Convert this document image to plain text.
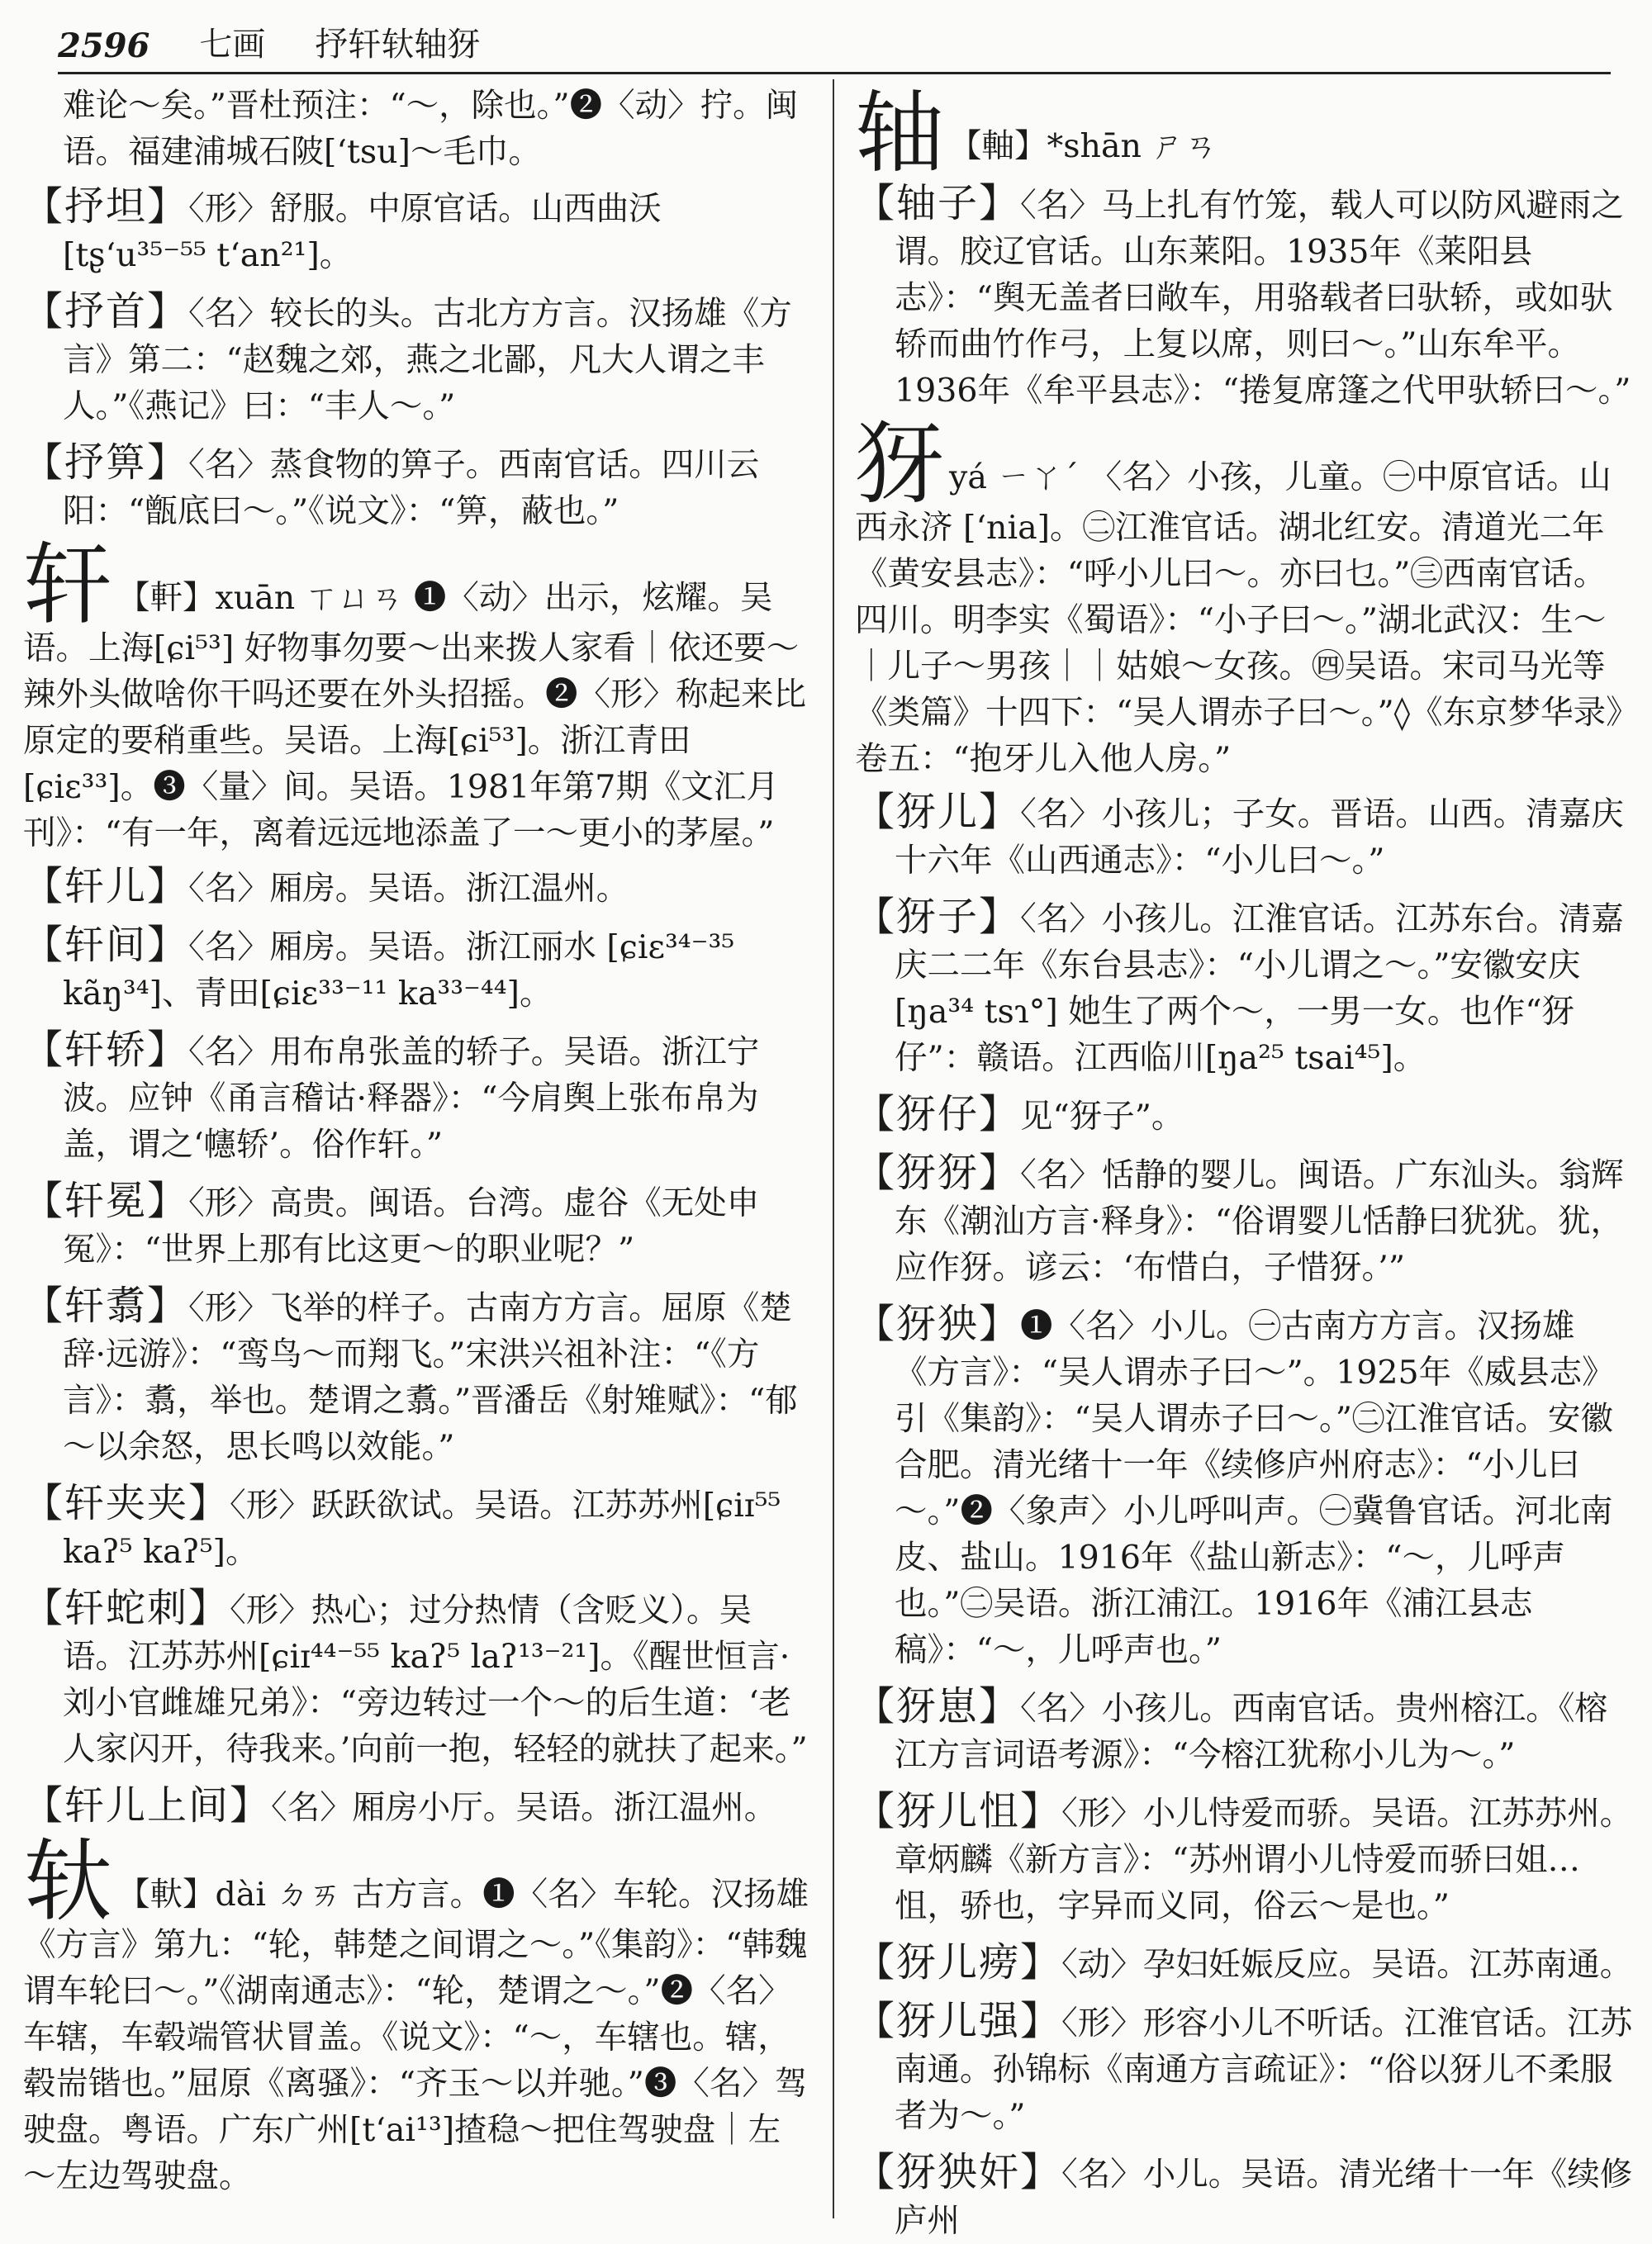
2596 七画 抒轩轪轴犽

难论～矣。”晋杜预注：“～，除也。”❷〈动〉拧。闽语。福建浦城石陂[ʻtsu]～毛巾。

【抒坦】〈形〉舒服。中原官话。山西曲沃 [tʂʻu³⁵⁻⁵⁵ tʻan²¹]。

【抒首】〈名〉较长的头。古北方方言。汉扬雄《方言》第二：“赵魏之郊，燕之北鄙，凡大人谓之丰人。”《燕记》曰：“丰人～。”

【抒箅】〈名〉蒸食物的箅子。西南官话。四川云阳：“甑底曰～。”《说文》：“箅，蔽也。”

轩 【軒】xuān ㄒㄩㄢ ❶〈动〉出示，炫耀。吴语。上海[ɕi⁵³] 好物事勿要～出来拨人家看｜依还要～辣外头做啥你干吗还要在外头招摇。❷〈形〉称起来比原定的要稍重些。吴语。上海[ɕi⁵³]。浙江青田[ɕiɛ³³]。❸〈量〉间。吴语。1981年第7期《文汇月刊》：“有一年，离着远远地添盖了一～更小的茅屋。”

【轩儿】〈名〉厢房。吴语。浙江温州。

【轩间】〈名〉厢房。吴语。浙江丽水 [ɕiɛ³⁴⁻³⁵ kãŋ³⁴]、青田[ɕiɛ³³⁻¹¹ ka³³⁻⁴⁴]。

【轩轿】〈名〉用布帛张盖的轿子。吴语。浙江宁波。应钟《甬言稽诂·释器》：“今肩舆上张布帛为盖，谓之‘幰轿’。俗作轩。”

【轩冕】〈形〉高贵。闽语。台湾。虚谷《无处申冤》：“世界上那有比这更～的职业呢？”

【轩翥】〈形〉飞举的样子。古南方方言。屈原《楚辞·远游》：“鸾鸟～而翔飞。”宋洪兴祖补注：“《方言》：翥，举也。楚谓之翥。”晋潘岳《射雉赋》：“郁～以余怒，思长鸣以效能。”

【轩夹夹】〈形〉跃跃欲试。吴语。江苏苏州[ɕiɪ⁵⁵ kaʔ⁵ kaʔ⁵]。

【轩蛇刺】〈形〉热心；过分热情（含贬义）。吴语。江苏苏州[ɕiɪ⁴⁴⁻⁵⁵ kaʔ⁵ laʔ¹³⁻²¹]。《醒世恒言·刘小官雌雄兄弟》：“旁边转过一个～的后生道：‘老人家闪开，待我来。’向前一抱，轻轻的就扶了起来。”

【轩儿上间】〈名〉厢房小厅。吴语。浙江温州。

轪 【軑】dài ㄉㄞ 古方言。❶〈名〉车轮。汉扬雄《方言》第九：“轮，韩楚之间谓之～。”《集韵》：“韩魏谓车轮曰～。”《湖南通志》：“轮，楚谓之～。”❷〈名〉车辖，车毂端管状冒盖。《说文》：“～，车辖也。辖，毂耑锴也。”屈原《离骚》：“齐玉～以并驰。”❸〈名〉驾驶盘。粤语。广东广州[tʻai¹³]揸稳～把住驾驶盘｜左～左边驾驶盘。

轴 【軸】*shān ㄕㄢ

【轴子】〈名〉马上扎有竹笼，载人可以防风避雨之谓。胶辽官话。山东莱阳。1935年《莱阳县志》：“舆无盖者曰敞车，用骆载者曰驮轿，或如驮轿而曲竹作弓，上复以席，则曰～。”山东牟平。1936年《牟平县志》：“捲复席篷之代甲驮轿曰～。”

犽yá ㄧㄚˊ 〈名〉小孩，儿童。㊀中原官话。山西永济 [ʻnia]。㊁江淮官话。湖北红安。清道光二年《黄安县志》：“呼小儿曰～。亦曰乜。”㊂西南官话。四川。明李实《蜀语》：“小子曰～。”湖北武汉：生～｜儿子～男孩｜｜姑娘～女孩。㊃吴语。宋司马光等《类篇》十四下：“吴人谓赤子曰～。”◊《东京梦华录》卷五：“抱牙儿入他人房。”

【犽儿】〈名〉小孩儿；子女。晋语。山西。清嘉庆十六年《山西通志》：“小儿曰～。”

【犽子】〈名〉小孩儿。江淮官话。江苏东台。清嘉庆二二年《东台县志》：“小儿谓之～。”安徽安庆 [ŋa³⁴ tsɿ°] 她生了两个～，一男一女。也作“犽仔”：赣语。江西临川[ŋa²⁵ tsai⁴⁵]。

【犽仔】见“犽子”。

【犽犽】〈名〉恬静的婴儿。闽语。广东汕头。翁辉东《潮汕方言·释身》：“俗谓婴儿恬静曰犹犹。犹，应作犽。谚云：‘布惜白，子惜犽。’”

【犽㹧】❶〈名〉小儿。㊀古南方方言。汉扬雄《方言》：“吴人谓赤子曰～”。1925年《威县志》引《集韵》：“吴人谓赤子曰～。”㊁江淮官话。安徽合肥。清光绪十一年《续修庐州府志》：“小儿曰～。”❷〈象声〉小儿呼叫声。㊀冀鲁官话。河北南皮、盐山。1916年《盐山新志》：“～，儿呼声也。”㊁吴语。浙江浦江。1916年《浦江县志稿》：“～，儿呼声也。”

【犽崽】〈名〉小孩儿。西南官话。贵州榕江。《榕江方言词语考源》：“今榕江犹称小儿为～。”

【犽儿怚】〈形〉小儿恃爱而骄。吴语。江苏苏州。章炳麟《新方言》：“苏州谓小儿恃爱而骄曰姐…怚，骄也，字异而义同，俗云～是也。”

【犽儿痨】〈动〉孕妇妊娠反应。吴语。江苏南通。

【犽儿强】〈形〉形容小儿不听话。江淮官话。江苏南通。孙锦标《南通方言疏证》：“俗以犽儿不柔服者为～。”

【犽㹧奸】〈名〉小儿。吴语。清光绪十一年《续修庐州
